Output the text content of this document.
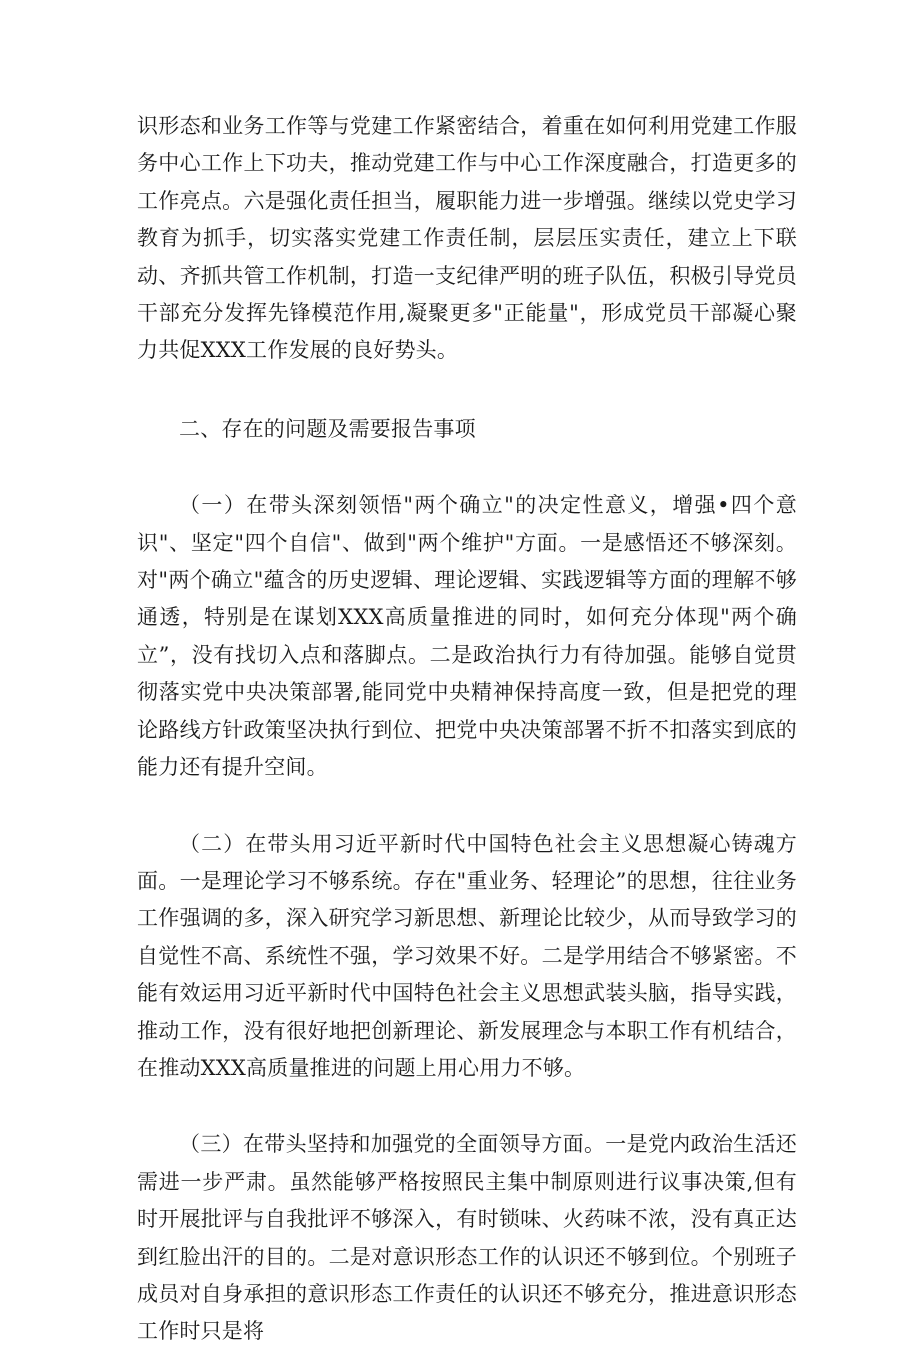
识形态和业务工作等与党建工作紧密结合，着重在如何利用党建工作服务中心工作上下功夫，推动党建工作与中心工作深度融合，打造更多的工作亮点。六是强化责任担当，履职能力进一步增强。继续以党史学习教育为抓手，切实落实党建工作责任制，层层压实责任，建立上下联动、齐抓共管工作机制，打造一支纪律严明的班子队伍，积极引导党员干部充分发挥先锋模范作用,凝聚更多"正能量"，形成党员干部凝心聚力共促XXX工作发展的良好势头。

二、存在的问题及需要报告事项

（一）在带头深刻领悟"两个确立"的决定性意义，增强•四个意识"、坚定"四个自信"、做到"两个维护"方面。一是感悟还不够深刻。对"两个确立"蕴含的历史逻辑、理论逻辑、实践逻辑等方面的理解不够通透，特别是在谋划XXX高质量推进的同时，如何充分体现"两个确立”，没有找切入点和落脚点。二是政治执行力有待加强。能够自觉贯彻落实党中央决策部署,能同党中央精神保持高度一致，但是把党的理论路线方针政策坚决执行到位、把党中央决策部署不折不扣落实到底的能力还有提升空间。

（二）在带头用习近平新时代中国特色社会主义思想凝心铸魂方面。一是理论学习不够系统。存在"重业务、轻理论”的思想，往往业务工作强调的多，深入研究学习新思想、新理论比较少，从而导致学习的自觉性不高、系统性不强，学习效果不好。二是学用结合不够紧密。不能有效运用习近平新时代中国特色社会主义思想武装头脑，指导实践，推动工作，没有很好地把创新理论、新发展理念与本职工作有机结合，在推动XXX高质量推进的问题上用心用力不够。

（三）在带头坚持和加强党的全面领导方面。一是党内政治生活还需进一步严肃。虽然能够严格按照民主集中制原则进行议事决策,但有时开展批评与自我批评不够深入，有时锁味、火药味不浓，没有真正达到红脸出汗的目的。二是对意识形态工作的认识还不够到位。个别班子成员对自身承担的意识形态工作责任的认识还不够充分，推进意识形态工作时只是将
